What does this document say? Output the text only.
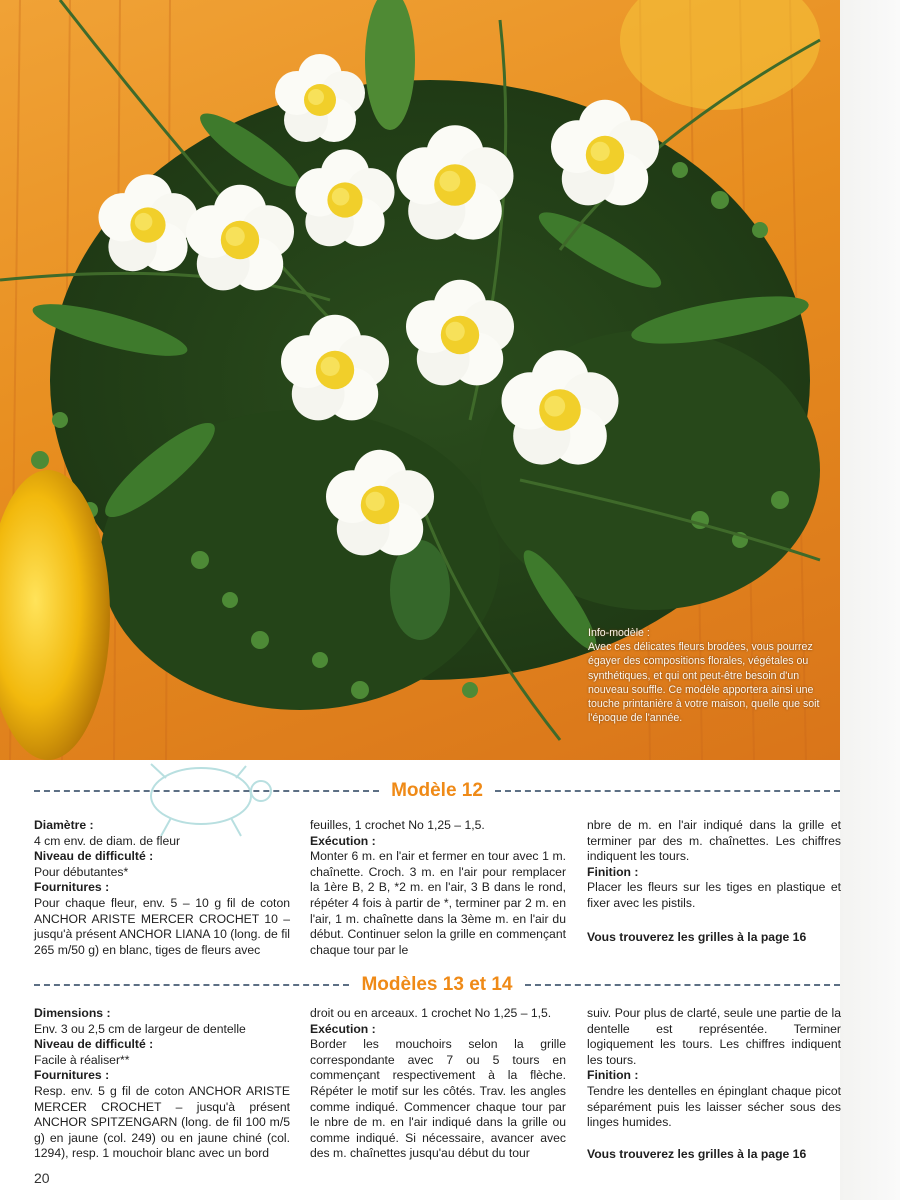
Info-modèle :
Avec ces délicates fleurs brodées, vous pourrez égayer des compositions florales, végétales ou synthétiques, et qui ont peut-être besoin d'un nouveau souffle. Ce modèle apportera ainsi une touche printanière à votre maison, quelle que soit l'époque de l'année.
Modèle 12

Diamètre :

4 cm env. de diam. de fleur

Niveau de difficulté :

Pour débutantes*

Fournitures :

Pour chaque fleur, env. 5 – 10 g fil de coton ANCHOR ARISTE MERCER CROCHET 10 – jusqu'à présent ANCHOR LIANA 10 (long. de fil 265 m/50 g) en blanc, tiges de fleurs avec

feuilles, 1 crochet No 1,25 – 1,5.

Exécution :

Monter 6 m. en l'air et fermer en tour avec 1 m. chaînette. Croch. 3 m. en l'air pour remplacer la 1ère B, 2 B, *2 m. en l'air, 3 B dans le rond, répéter 4 fois à partir de *, terminer par 2 m. en l'air, 1 m. chaînette dans la 3ème m. en l'air du début. Continuer selon la grille en commençant chaque tour par le

nbre de m. en l'air indiqué dans la grille et terminer par des m. chaînettes. Les chiffres indiquent les tours.

Finition :

Placer les fleurs sur les tiges en plastique et fixer avec les pistils.

Vous trouverez les grilles à la page 16

Modèles 13 et 14

Dimensions :

Env. 3 ou 2,5 cm de largeur de dentelle

Niveau de difficulté :

Facile à réaliser**

Fournitures :

Resp. env. 5 g fil de coton ANCHOR ARISTE MERCER CROCHET – jusqu'à présent ANCHOR SPITZENGARN (long. de fil 100 m/5 g) en jaune (col. 249) ou en jaune chiné (col. 1294), resp. 1 mouchoir blanc avec un bord

droit ou en arceaux. 1 crochet No 1,25 – 1,5.

Exécution :

Border les mouchoirs selon la grille correspondante avec 7 ou 5 tours en commençant respectivement à la flèche. Répéter le motif sur les côtés. Trav. les angles comme indiqué. Commencer chaque tour par le nbre de m. en l'air indiqué dans la grille ou comme indiqué. Si nécessaire, avancer avec des m. chaînettes jusqu'au début du tour

suiv. Pour plus de clarté, seule une partie de la dentelle est représentée. Terminer logiquement les tours. Les chiffres indiquent les tours.

Finition :

Tendre les dentelles en épinglant chaque picot séparément puis les laisser sécher sous des linges humides.

Vous trouverez les grilles à la page 16

20
